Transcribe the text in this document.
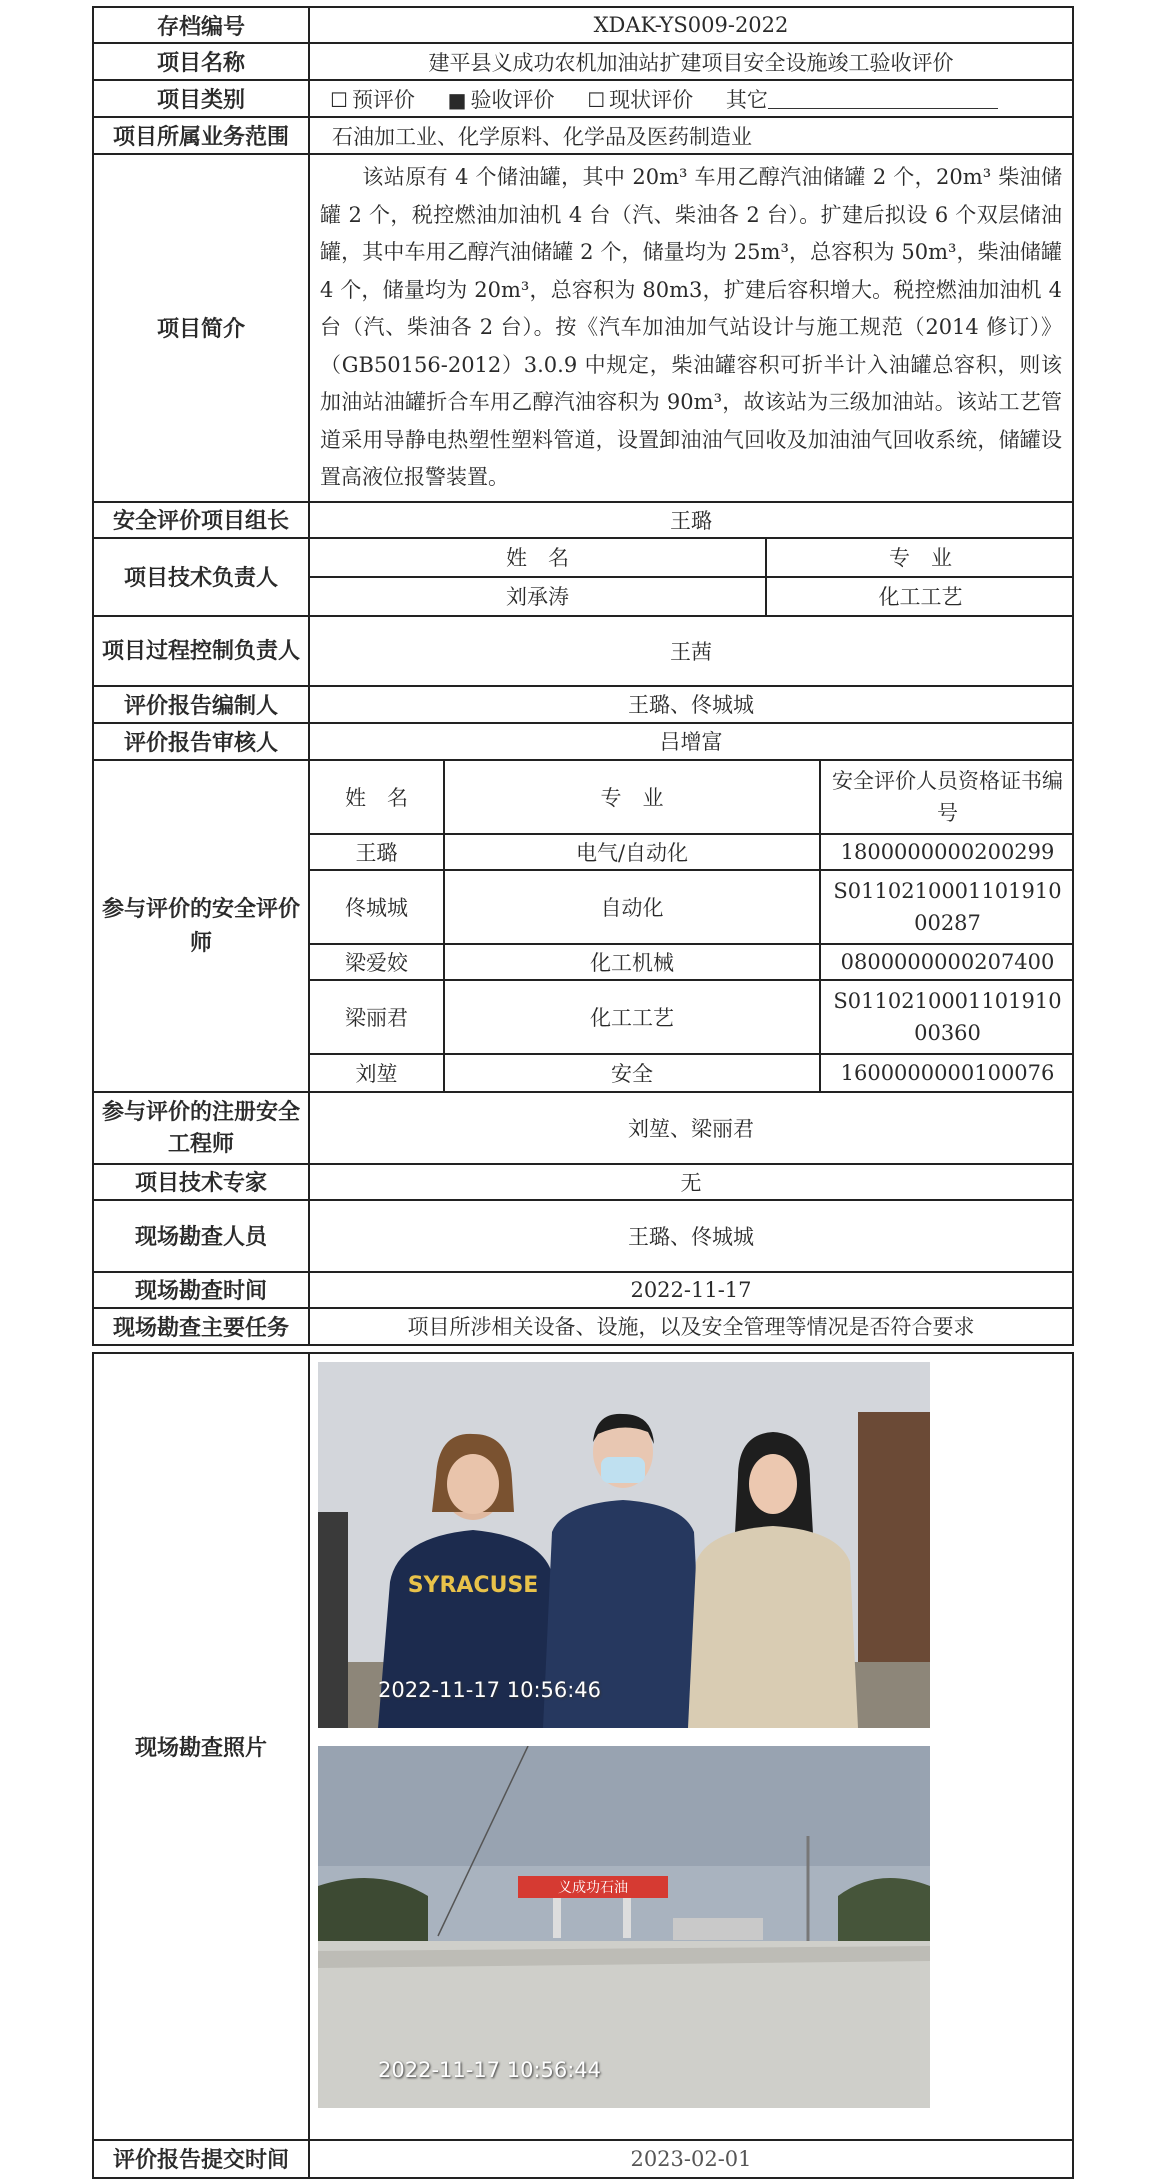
存档编号	XDAK-YS009-2022
项目名称	建平县义成功农机加油站扩建项目安全设施竣工验收评价
项目类别	☐ 预评价 ■ 验收评价 ☐ 现状评价 其它
项目所属业务范围	石油加工业、化学原料、化学品及医药制造业
项目简介	该站原有 4 个储油罐，其中 20m³ 车用乙醇汽油储罐 2 个，20m³ 柴油储罐 2 个，税控燃油加油机 4 台（汽、柴油各 2 台）。扩建后拟设 6 个双层储油罐，其中车用乙醇汽油储罐 2 个，储量均为 25m³，总容积为 50m³，柴油储罐 4 个，储量均为 20m³，总容积为 80m3，扩建后容积增大。税控燃油加油机 4 台（汽、柴油各 2 台）。按《汽车加油加气站设计与施工规范（2014 修订）》（GB50156-2012）3.0.9 中规定，柴油罐容积可折半计入油罐总容积，则该加油站油罐折合车用乙醇汽油容积为 90m³，故该站为三级加油站。该站工艺管道采用导静电热塑性塑料管道，设置卸油油气回收及加油油气回收系统，储罐设置高液位报警装置。
安全评价项目组长	王璐
项目技术负责人	
姓　名	专　业
刘承涛	化工工艺

项目过程控制负责人	王茜
评价报告编制人	王璐、佟城城
评价报告审核人	吕增富
参与评价的安全评价师	
姓　名	专　业	安全评价人员资格证书编号
王璐	电气/自动化	1800000000200299
佟城城	自动化	S011021000110191000287
梁爱姣	化工机械	0800000000207400
梁丽君	化工工艺	S011021000110191000360
刘堃	安全	1600000000100076

参与评价的注册安全工程师	刘堃、梁丽君
项目技术专家	无
现场勘查人员	王璐、佟城城
现场勘查时间	2022-11-17
现场勘查主要任务	项目所涉相关设备、设施，以及安全管理等情况是否符合要求
现场勘查照片	SYRACUSE
2022-11-17 10:56:46
义成功石油
2022-11-17 10:56:44

评价报告提交时间	2023-02-01
